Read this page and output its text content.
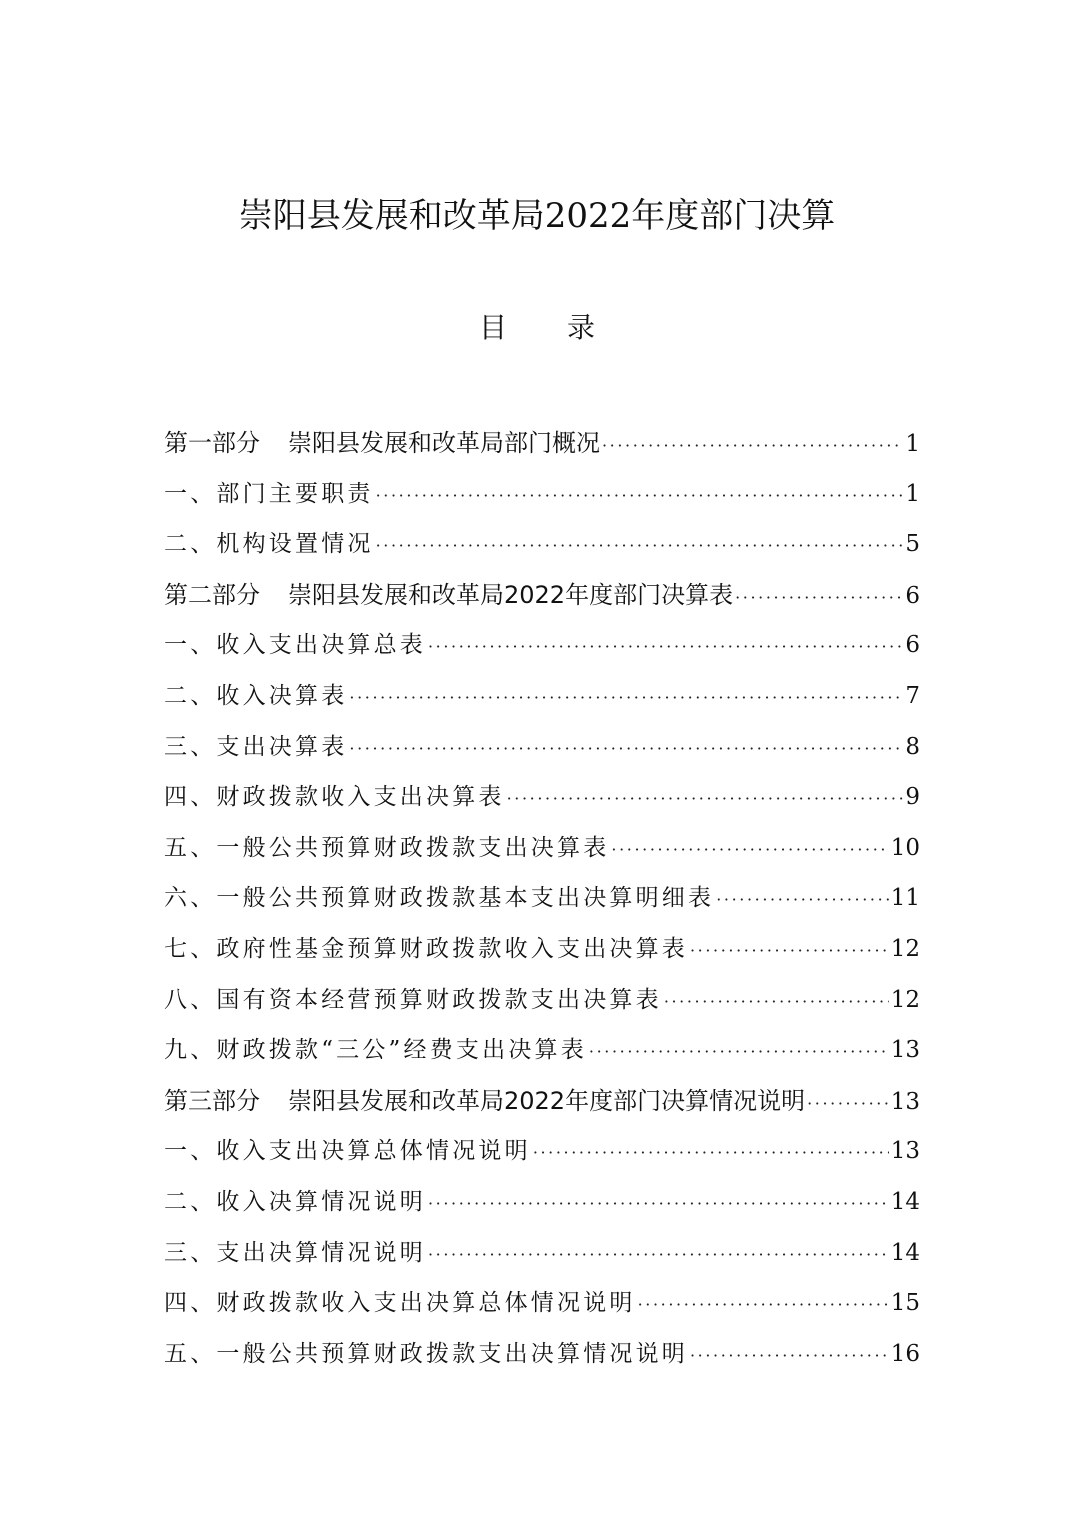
崇阳县发展和改革局2022年度部门决算
目录
第一部分 崇阳县发展和改革局部门概况 ·····	1
一、部门主要职责 ·····	1
二、机构设置情况 ·····	5
第二部分 崇阳县发展和改革局2022年度部门决算表 ·····	6
一、收入支出决算总表 ·····	6
二、收入决算表 ·····	7
三、支出决算表 ·····	8
四、财政拨款收入支出决算表 ·····	9
五、一般公共预算财政拨款支出决算表 ·····	10
六、一般公共预算财政拨款基本支出决算明细表 ·····	11
七、政府性基金预算财政拨款收入支出决算表 ·····	12
八、国有资本经营预算财政拨款支出决算表 ·····	12
九、财政拨款“三公”经费支出决算表 ·····	13
第三部分 崇阳县发展和改革局2022年度部门决算情况说明 ·····	13
一、收入支出决算总体情况说明 ·····	13
二、收入决算情况说明 ·····	14
三、支出决算情况说明 ·····	14
四、财政拨款收入支出决算总体情况说明 ·····	15
五、一般公共预算财政拨款支出决算情况说明 ·····	16
